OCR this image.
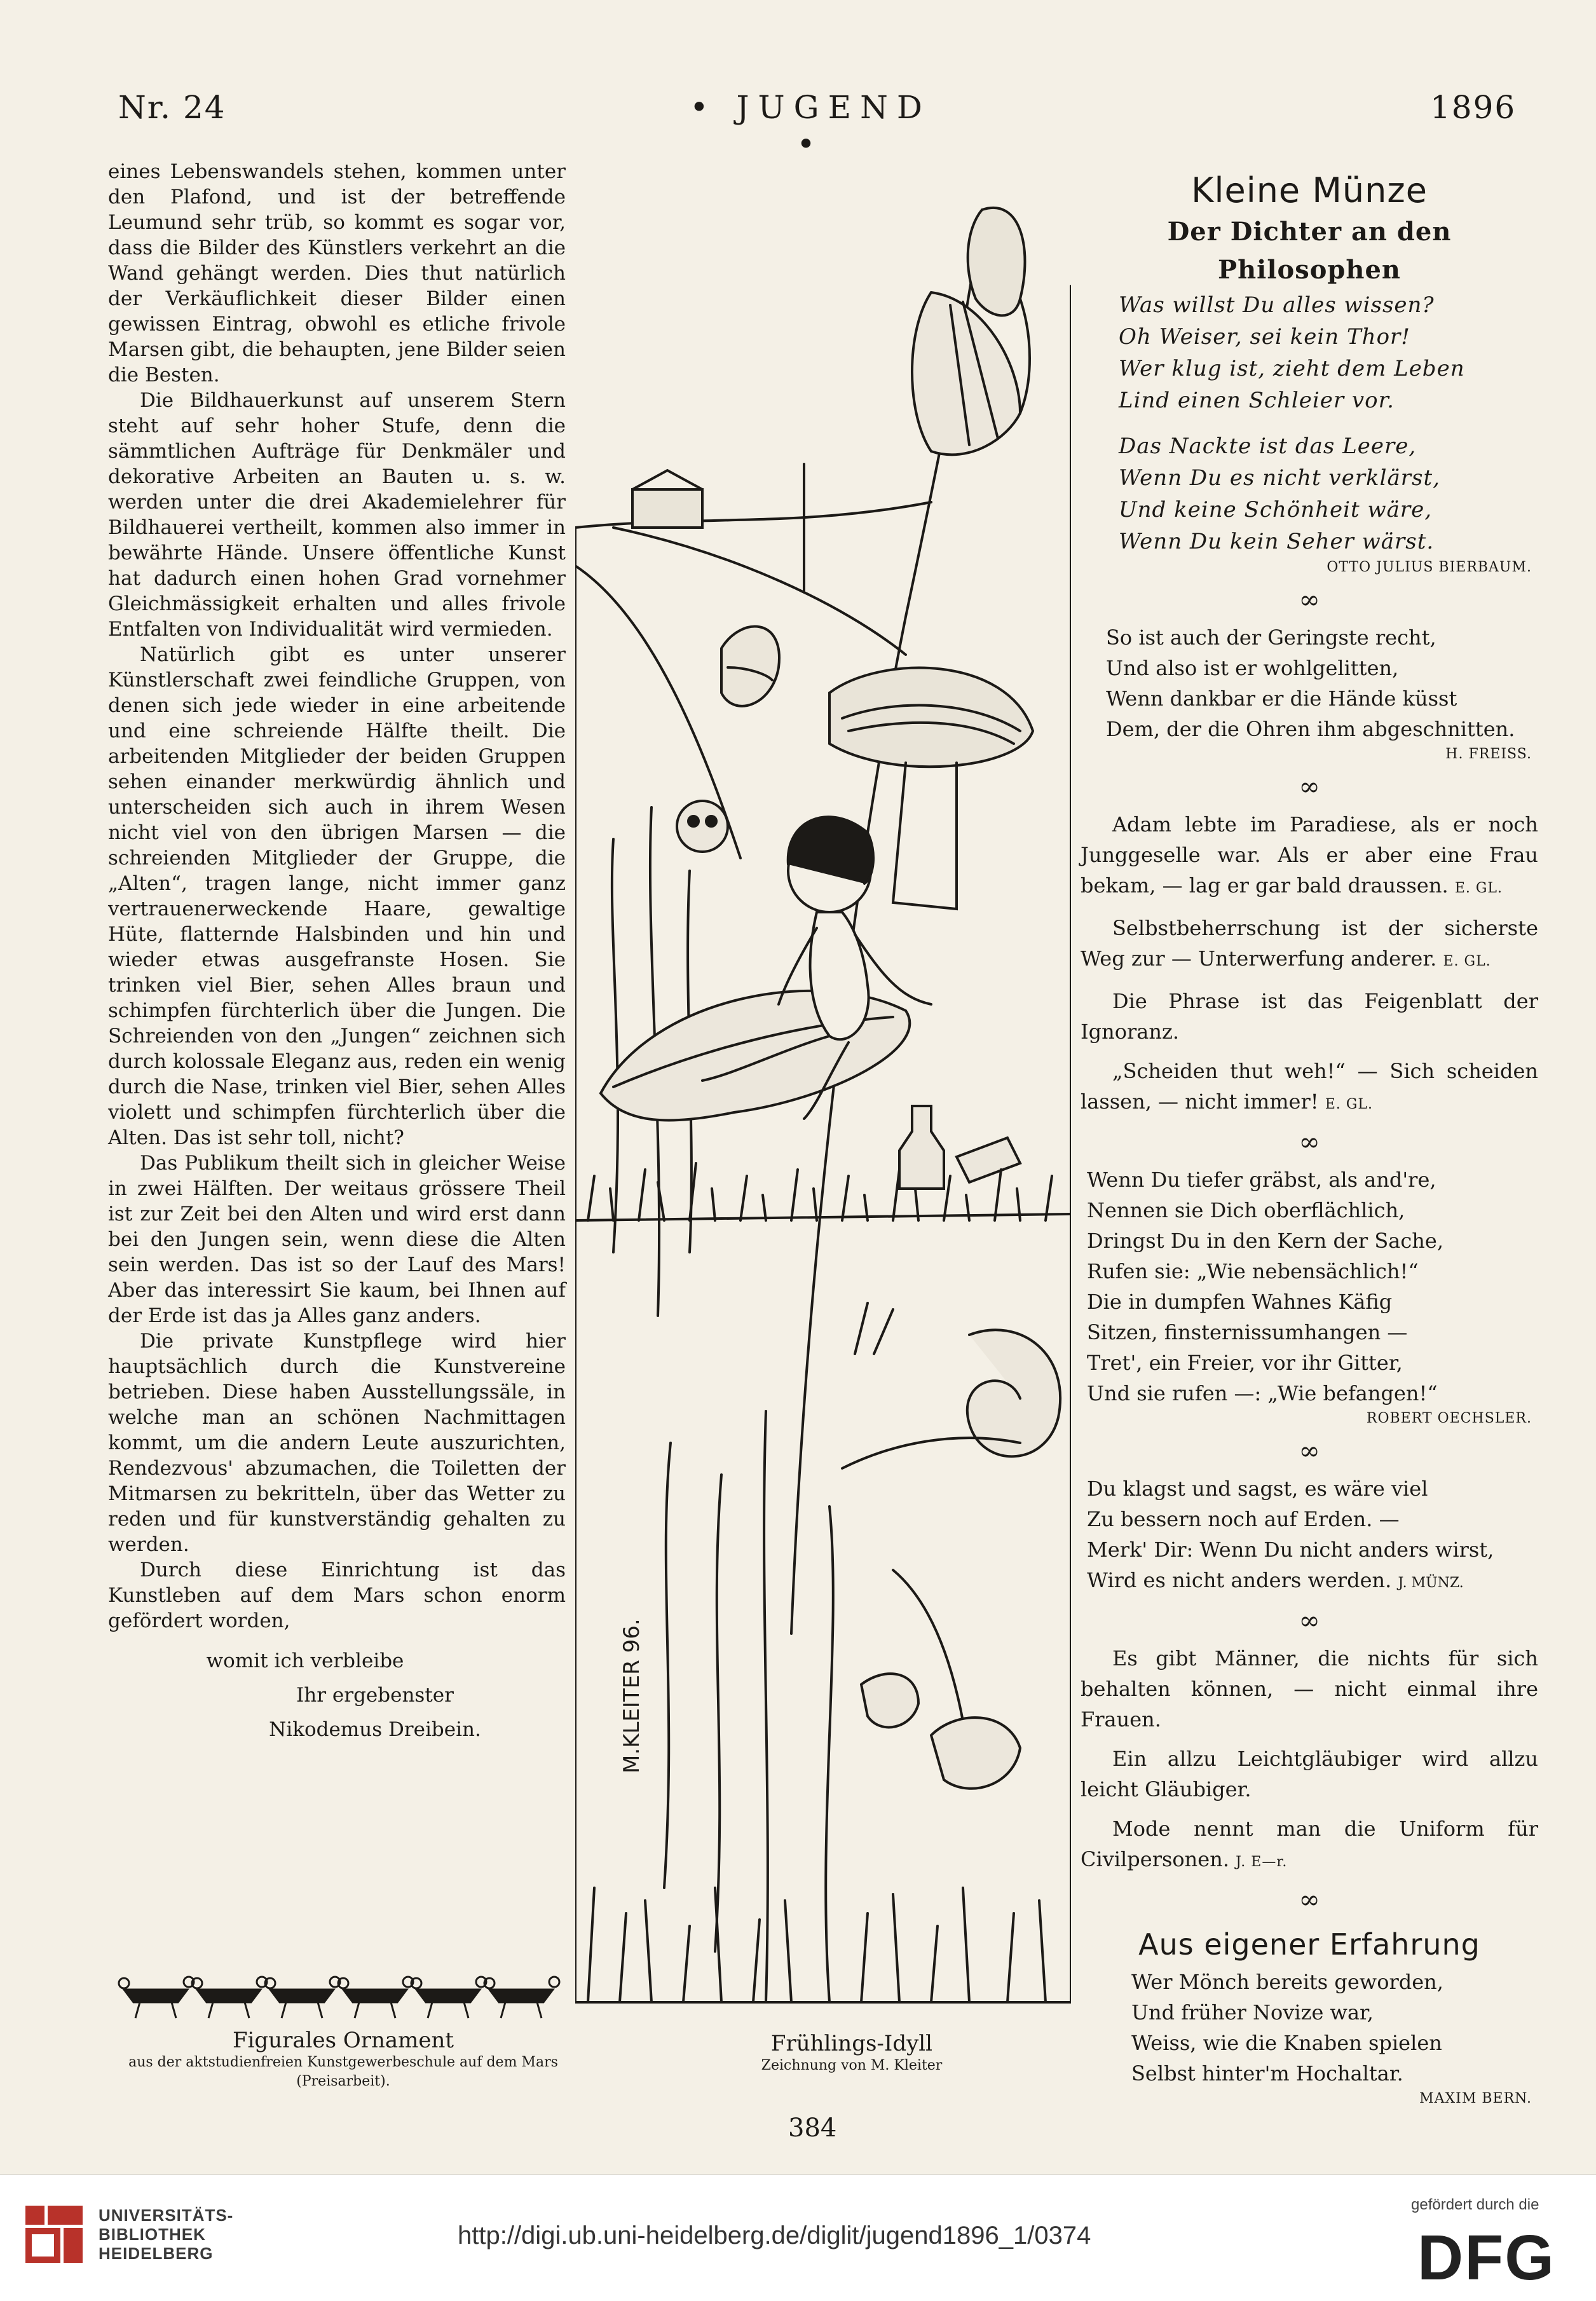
Nr. 24	• JUGEND •
1896

eines Lebenswandels stehen, kommen unter den Plafond, und ist der betreffende Leumund sehr trüb, so kommt es sogar vor, dass die Bilder des Künstlers verkehrt an die Wand gehängt werden. Dies thut natürlich der Verkäuflichkeit dieser Bilder einen gewissen Eintrag, obwohl es etliche frivole Marsen gibt, die behaupten, jene Bilder seien die Besten.

Die Bildhauerkunst auf unserem Stern steht auf sehr hoher Stufe, denn die sämmtlichen Aufträge für Denkmäler und dekorative Arbeiten an Bauten u. s. w. werden unter die drei Akademielehrer für Bildhauerei vertheilt, kommen also immer in bewährte Hände. Unsere öffentliche Kunst hat dadurch einen hohen Grad vornehmer Gleichmässigkeit erhalten und alles frivole Entfalten von Individualität wird vermieden.

Natürlich gibt es unter unserer Künstlerschaft zwei feindliche Gruppen, von denen sich jede wieder in eine arbeitende und eine schreiende Hälfte theilt. Die arbeitenden Mitglieder der beiden Gruppen sehen einander merkwürdig ähnlich und unterscheiden sich auch in ihrem Wesen nicht viel von den übrigen Marsen — die schreienden Mitglieder der Gruppe, die „Alten“, tragen lange, nicht immer ganz vertrauenerweckende Haare, gewaltige Hüte, flatternde Halsbinden und hin und wieder etwas ausgefranste Hosen. Sie trinken viel Bier, sehen Alles braun und schimpfen fürchterlich über die Jungen. Die Schreienden von den „Jungen“ zeichnen sich durch kolossale Eleganz aus, reden ein wenig durch die Nase, trinken viel Bier, sehen Alles violett und schimpfen fürchterlich über die Alten. Das ist sehr toll, nicht?

Das Publikum theilt sich in gleicher Weise in zwei Hälften. Der weitaus grössere Theil ist zur Zeit bei den Alten und wird erst dann bei den Jungen sein, wenn diese die Alten sein werden. Das ist so der Lauf des Mars! Aber das interessirt Sie kaum, bei Ihnen auf der Erde ist das ja Alles ganz anders.

Die private Kunstpflege wird hier hauptsächlich durch die Kunstvereine betrieben. Diese haben Ausstellungssäle, in welche man an schönen Nachmittagen kommt, um die andern Leute auszurichten, Rendezvous' abzumachen, die Toiletten der Mitmarsen zu bekritteln, über das Wetter zu reden und für kunstverständig gehalten zu werden.

Durch diese Einrichtung ist das Kunstleben auf dem Mars schon enorm gefördert worden,

womit ich verbleibe
Ihr ergebenster
Nikodemus Dreibein.
Figurales Ornament
aus der aktstudienfreien Kunstgewerbeschule auf dem Mars
(Preisarbeit).
M.KLEITER 96.
Frühlings-Idyll
Zeichnung von M. Kleiter
384
Kleine Münze
Der Dichter an den Philosophen
Was willst Du alles wissen?
Oh Weiser, sei kein Thor!
Wer klug ist, zieht dem Leben
Lind einen Schleier vor.
Das Nackte ist das Leere,
Wenn Du es nicht verklärst,
Und keine Schönheit wäre,
Wenn Du kein Seher wärst.
OTTO JULIUS BIERBAUM.
∞
So ist auch der Geringste recht,
Und also ist er wohlgelitten,
Wenn dankbar er die Hände küsst
Dem, der die Ohren ihm abgeschnitten.
H. FREISS.
∞
Adam lebte im Paradiese, als er noch Junggeselle war. Als er aber eine Frau bekam, — lag er gar bald draussen. E. GL.
Selbstbeherrschung ist der sicherste Weg zur — Unterwerfung anderer. E. GL.
Die Phrase ist das Feigenblatt der Ignoranz.
„Scheiden thut weh!“ — Sich scheiden lassen, — nicht immer! E. GL.
∞
Wenn Du tiefer gräbst, als and're,
Nennen sie Dich oberflächlich,
Dringst Du in den Kern der Sache,
Rufen sie: „Wie nebensächlich!“
Die in dumpfen Wahnes Käfig
Sitzen, finsternissumhangen —
Tret', ein Freier, vor ihr Gitter,
Und sie rufen —: „Wie befangen!“
ROBERT OECHSLER.
∞
Du klagst und sagst, es wäre viel
Zu bessern noch auf Erden. —
Merk' Dir: Wenn Du nicht anders wirst,
Wird es nicht anders werden. J. MÜNZ.
∞
Es gibt Männer, die nichts für sich behalten können, — nicht einmal ihre Frauen.
Ein allzu Leichtgläubiger wird allzu leicht Gläubiger.
Mode nennt man die Uniform für Civilpersonen. J. E—r.
∞
Aus eigener Erfahrung
Wer Mönch bereits geworden,
Und früher Novize war,
Weiss, wie die Knaben spielen
Selbst hinter'm Hochaltar.
MAXIM BERN.
UNIVERSITÄTS-
BIBLIOTHEK
HEIDELBERG
http://digi.ub.uni-heidelberg.de/diglit/jugend1896_1/0374
gefördert durch die
DFG
